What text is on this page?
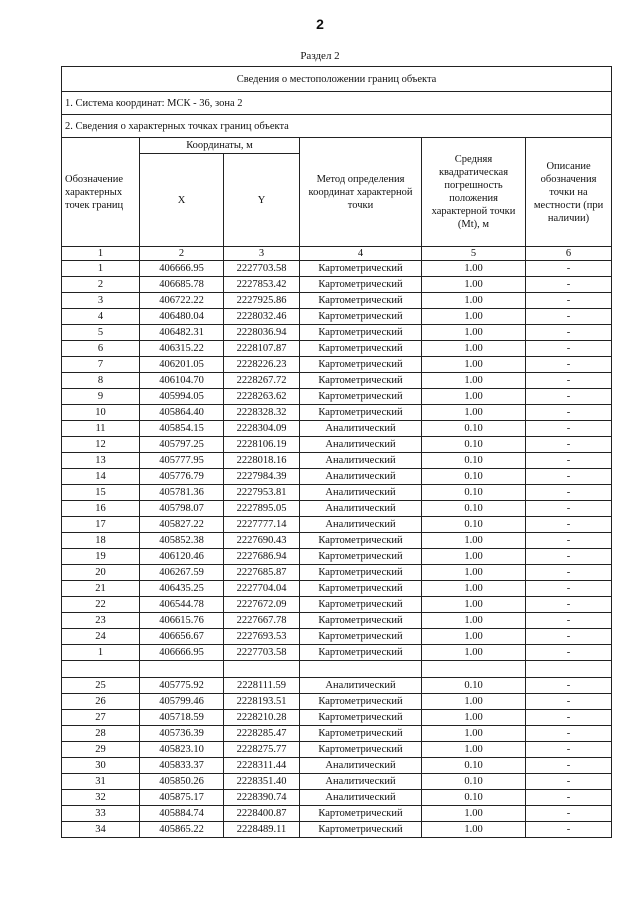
2
Раздел 2
Сведения о местоположении границ объекта					
1. Система координат: МСК - 36, зона 2					
2. Сведения о характерных точках границ объекта					
Обозначение характерных точек границ	Координаты, м		Метод определения координат характерной точки	Средняя квадратическая погрешность положения характерной точки (Mt), м	Описание обозначения точки на местности (при наличии)
	X	Y			
1	2	3	4	5	6
1	406666.95	2227703.58	Картометрический	1.00	-
2	406685.78	2227853.42	Картометрический	1.00	-
3	406722.22	2227925.86	Картометрический	1.00	-
4	406480.04	2228032.46	Картометрический	1.00	-
5	406482.31	2228036.94	Картометрический	1.00	-
6	406315.22	2228107.87	Картометрический	1.00	-
7	406201.05	2228226.23	Картометрический	1.00	-
8	406104.70	2228267.72	Картометрический	1.00	-
9	405994.05	2228263.62	Картометрический	1.00	-
10	405864.40	2228328.32	Картометрический	1.00	-
11	405854.15	2228304.09	Аналитический	0.10	-
12	405797.25	2228106.19	Аналитический	0.10	-
13	405777.95	2228018.16	Аналитический	0.10	-
14	405776.79	2227984.39	Аналитический	0.10	-
15	405781.36	2227953.81	Аналитический	0.10	-
16	405798.07	2227895.05	Аналитический	0.10	-
17	405827.22	2227777.14	Аналитический	0.10	-
18	405852.38	2227690.43	Картометрический	1.00	-
19	406120.46	2227686.94	Картометрический	1.00	-
20	406267.59	2227685.87	Картометрический	1.00	-
21	406435.25	2227704.04	Картометрический	1.00	-
22	406544.78	2227672.09	Картометрический	1.00	-
23	406615.76	2227667.78	Картометрический	1.00	-
24	406656.67	2227693.53	Картометрический	1.00	-
1	406666.95	2227703.58	Картометрический	1.00	-

25	405775.92	2228111.59	Аналитический	0.10	-
26	405799.46	2228193.51	Картометрический	1.00	-
27	405718.59	2228210.28	Картометрический	1.00	-
28	405736.39	2228285.47	Картометрический	1.00	-
29	405823.10	2228275.77	Картометрический	1.00	-
30	405833.37	2228311.44	Аналитический	0.10	-
31	405850.26	2228351.40	Аналитический	0.10	-
32	405875.17	2228390.74	Аналитический	0.10	-
33	405884.74	2228400.87	Картометрический	1.00	-
34	405865.22	2228489.11	Картометрический	1.00	-
